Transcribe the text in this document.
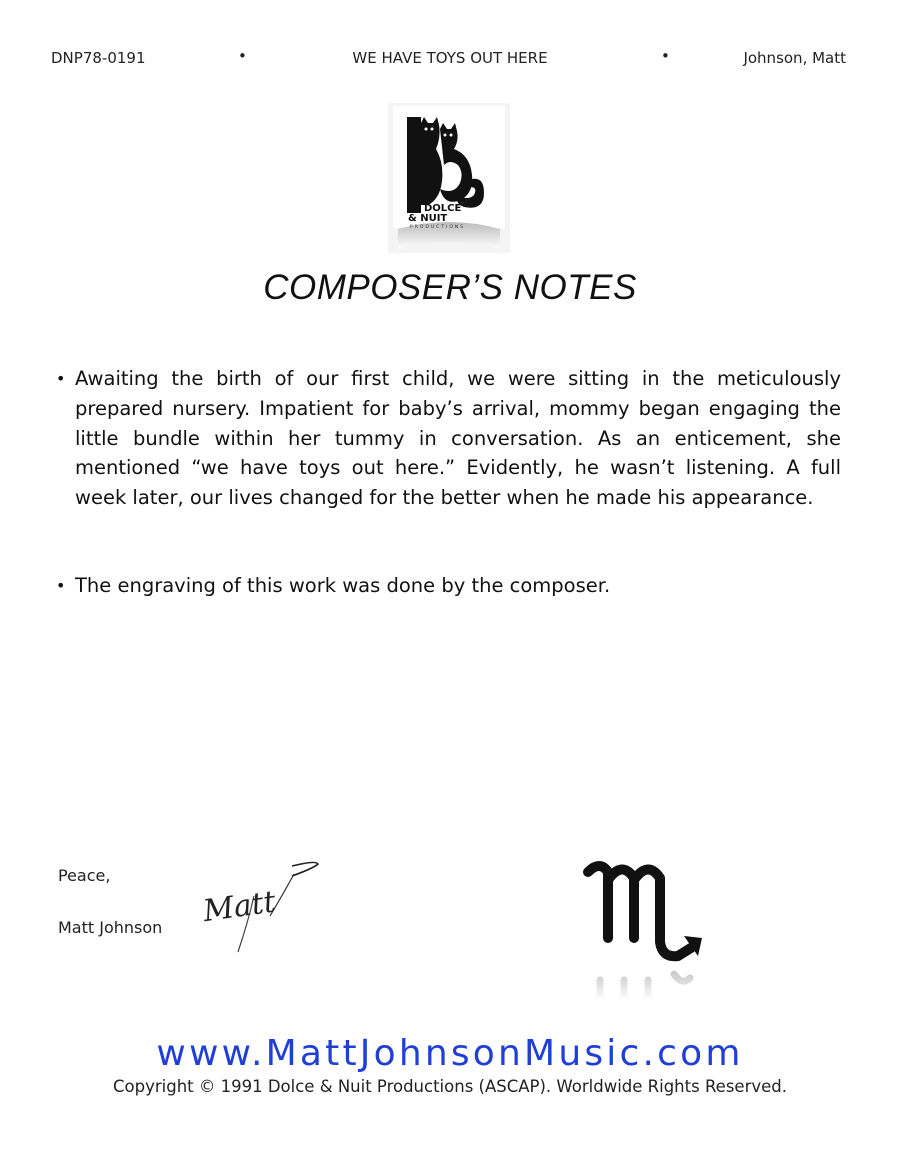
DNP78-0191	•	WE HAVE TOYS OUT HERE	•	Johnson, Matt
DOLCE
& NUIT
PRODUCTIONS
COMPOSER’S NOTES
• Awaiting the birth of our first child, we were sitting in the meticulously prepared nursery. Impatient for baby’s arrival, mommy began engaging the little bundle within her tummy in conversation. As an enticement, she mentioned “we have toys out here.” Evidently, he wasn’t listening. A full week later, our lives changed for the better when he made his appearance.
• The engraving of this work was done by the composer.
Peace,
Matt Johnson Matt
www.MattJohnsonMusic.com
Copyright © 1991 Dolce & Nuit Productions (ASCAP). Worldwide Rights Reserved.
